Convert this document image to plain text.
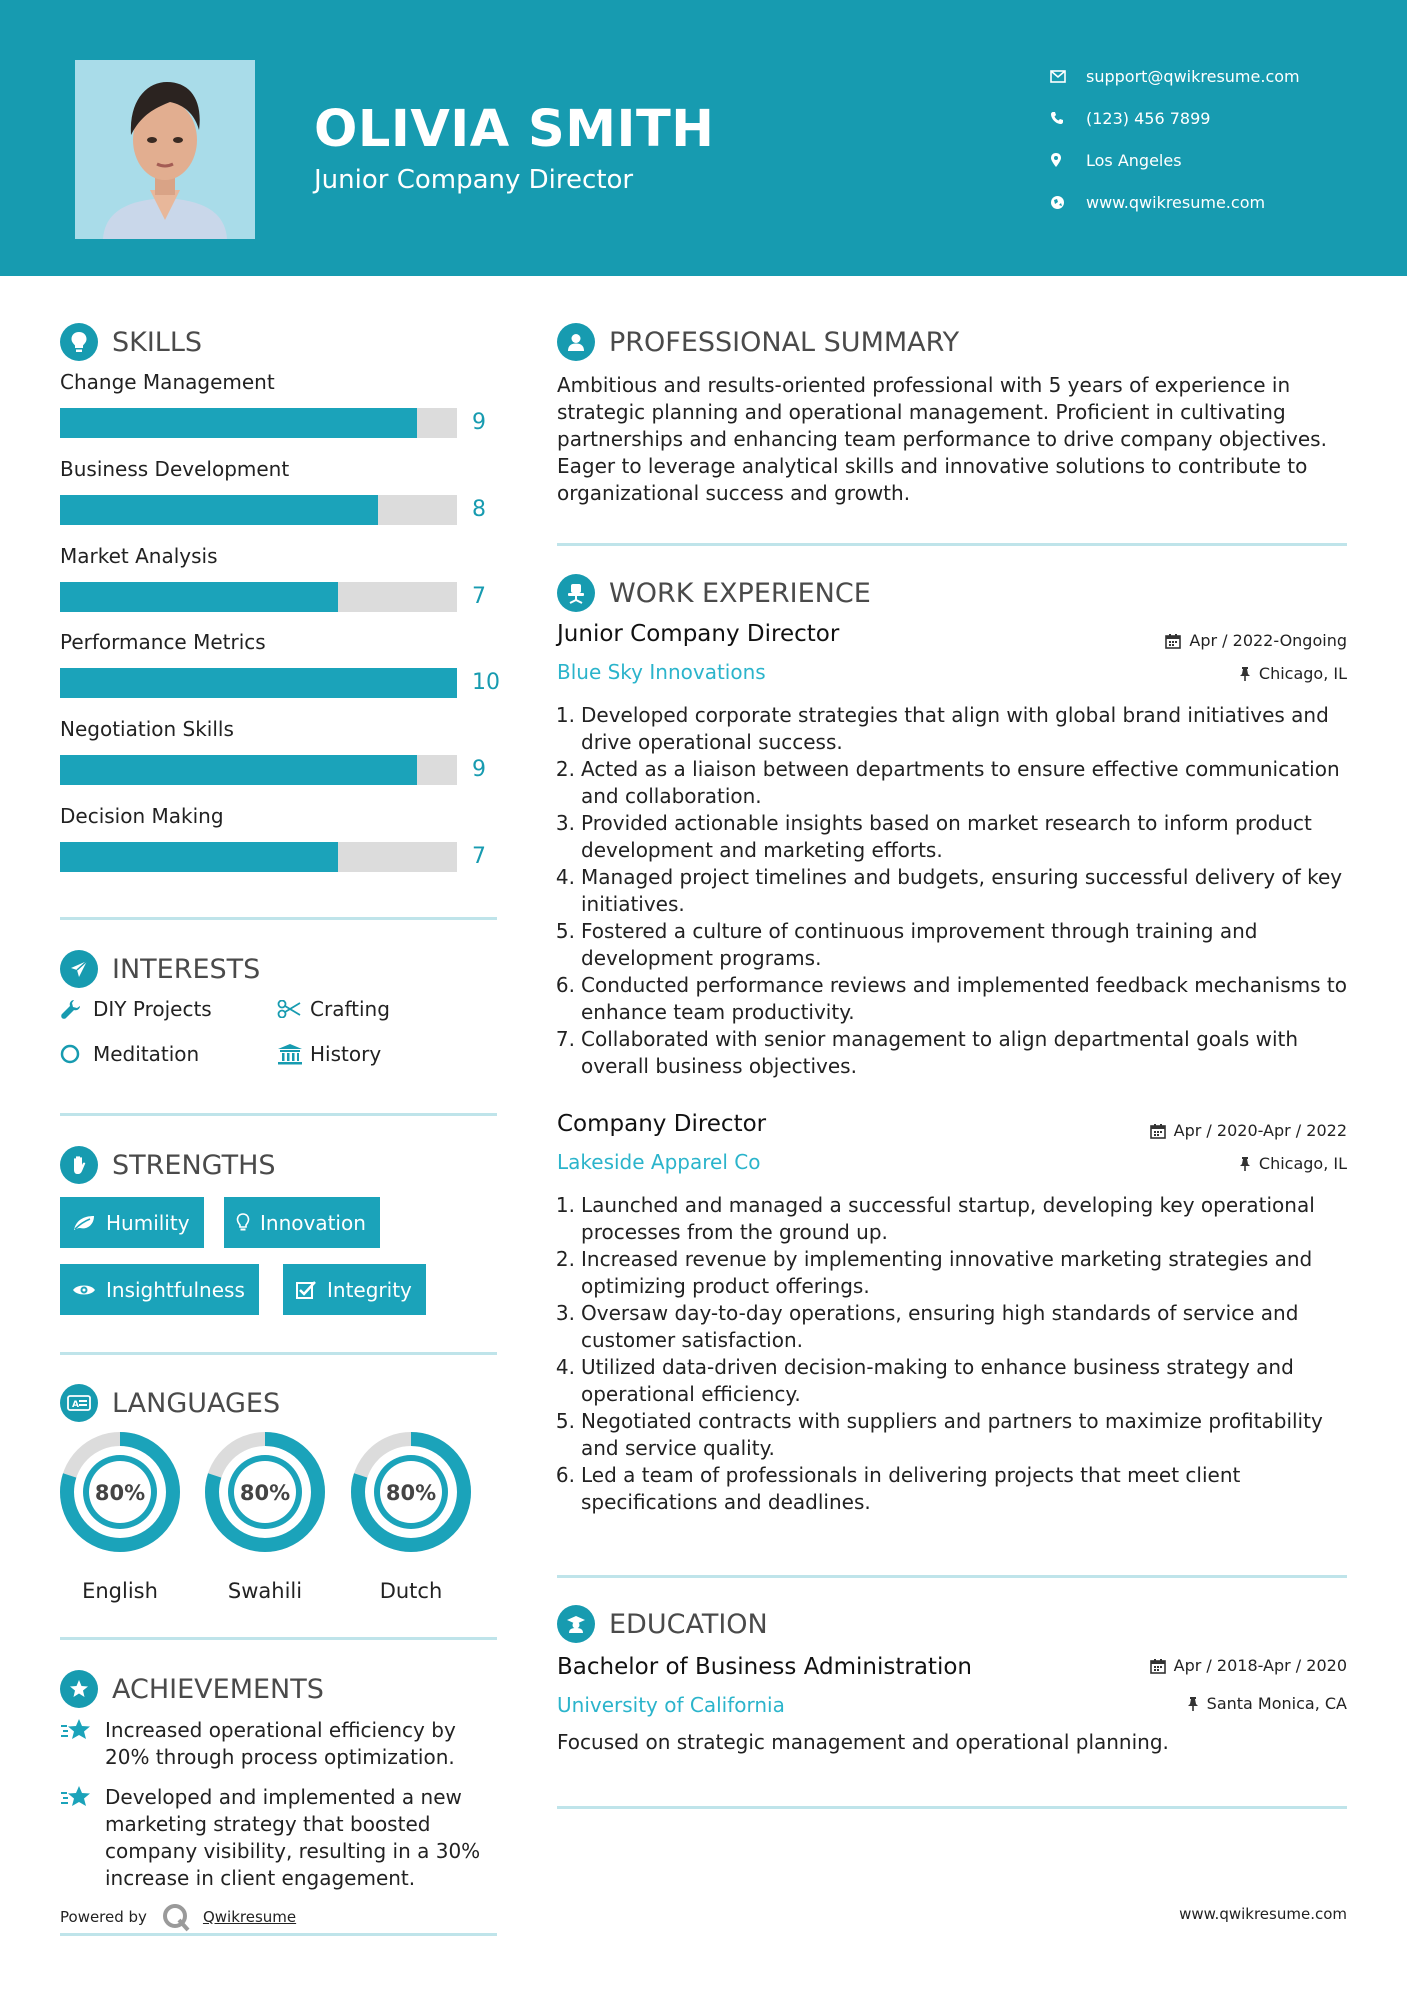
OLIVIA SMITH
Junior Company Director
support@qwikresume.com
(123) 456 7899
Los Angeles
www.qwikresume.com
SKILLS
Change Management
9
Business Development
8
Market Analysis
7
Performance Metrics
10
Negotiation Skills
9
Decision Making
7
INTERESTS
DIY Projects	Crafting
Meditation	History
STRENGTHS
Humility	Innovation
Insightfulness	Integrity
A LANGUAGES
80%
English
80%
Swahili
80%
Dutch
ACHIEVEMENTS
Increased operational efficiency by 20% through process optimization.
Developed and implemented a new marketing strategy that boosted company visibility, resulting in a 30% increase in client engagement.
Powered by	Qwikresume
PROFESSIONAL SUMMARY
Ambitious and results-oriented professional with 5 years of experience in strategic planning and operational management. Proficient in cultivating partnerships and enhancing team performance to drive company objectives. Eager to leverage analytical skills and innovative solutions to contribute to organizational success and growth.
WORK EXPERIENCE
Junior Company Director
Blue Sky Innovations
Apr / 2022-Ongoing
Chicago, IL
1. Developed corporate strategies that align with global brand initiatives and drive operational success.
2. Acted as a liaison between departments to ensure effective communication and collaboration.
3. Provided actionable insights based on market research to inform product development and marketing efforts.
4. Managed project timelines and budgets, ensuring successful delivery of key initiatives.
5. Fostered a culture of continuous improvement through training and development programs.
6. Conducted performance reviews and implemented feedback mechanisms to enhance team productivity.
7. Collaborated with senior management to align departmental goals with overall business objectives.
Company Director
Lakeside Apparel Co
Apr / 2020-Apr / 2022
Chicago, IL
1. Launched and managed a successful startup, developing key operational processes from the ground up.
2. Increased revenue by implementing innovative marketing strategies and optimizing product offerings.
3. Oversaw day-to-day operations, ensuring high standards of service and customer satisfaction.
4. Utilized data-driven decision-making to enhance business strategy and operational efficiency.
5. Negotiated contracts with suppliers and partners to maximize profitability and service quality.
6. Led a team of professionals in delivering projects that meet client specifications and deadlines.
EDUCATION
Bachelor of Business Administration
University of California
Apr / 2018-Apr / 2020
Santa Monica, CA
Focused on strategic management and operational planning.
www.qwikresume.com
